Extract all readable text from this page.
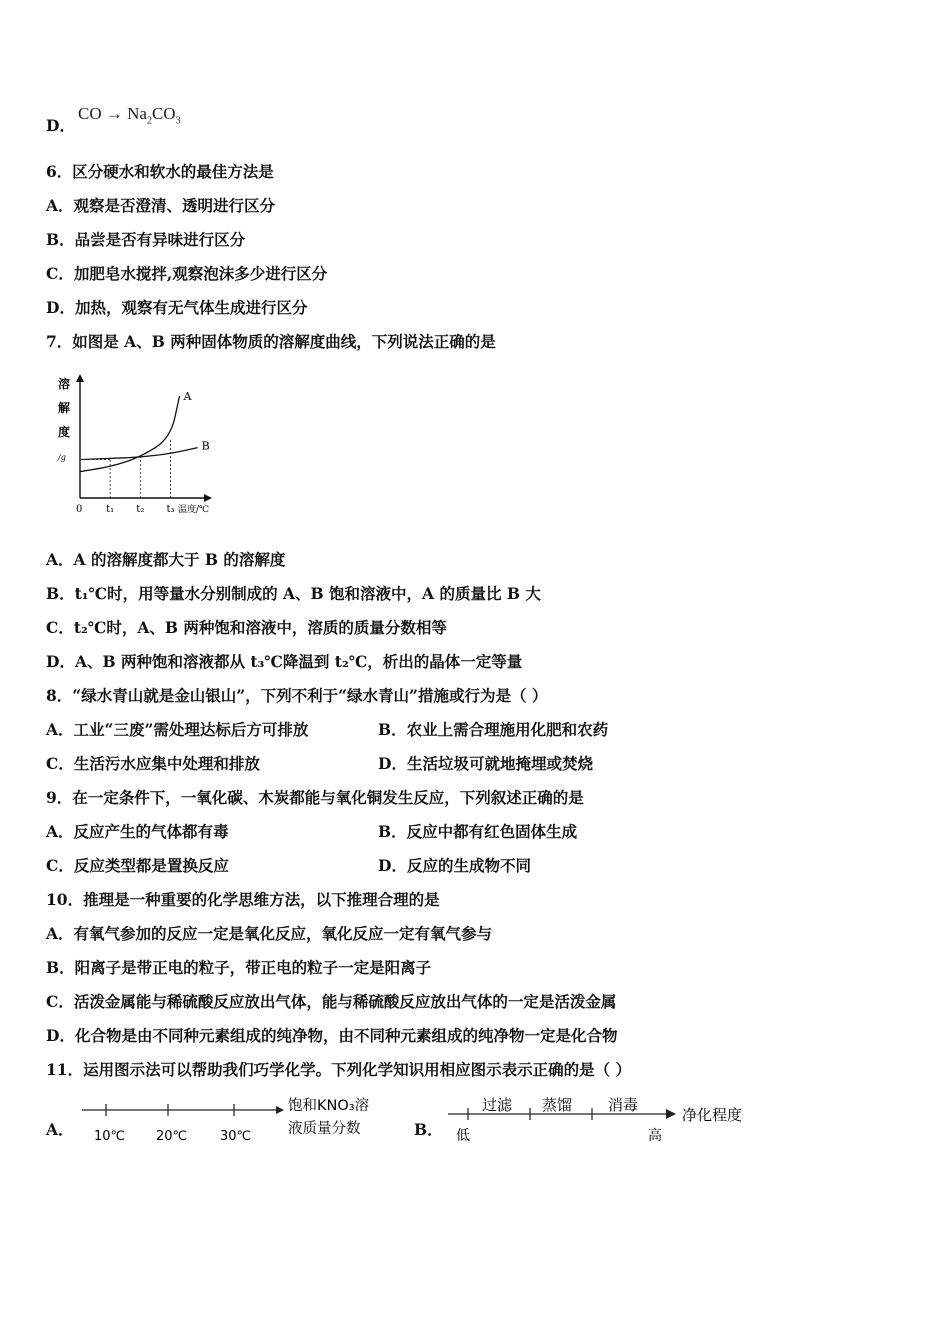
D．
CO → $Na_2CO_3$
6．区分硬水和软水的最佳方法是
A．观察是否澄清、透明进行区分
B．品尝是否有异味进行区分
C．加肥皂水搅拌,观察泡沫多少进行区分
D．加热，观察有无气体生成进行区分
7．如图是 A、B 两种固体物质的溶解度曲线，下列说法正确的是
溶
解
度
/g
A
B
0 t₁ t₂ t₃ 温度/℃
A．A 的溶解度都大于 B 的溶解度
B．t₁℃时，用等量水分别制成的 A、B 饱和溶液中，A 的质量比 B 大
C．t₂℃时，A、B 两种饱和溶液中，溶质的质量分数相等
D．A、B 两种饱和溶液都从 t₃℃降温到 t₂℃，析出的晶体一定等量
8．“绿水青山就是金山银山”，下列不利于“绿水青山”措施或行为是（ ）
A．工业“三废”需处理达标后方可排放	B．农业上需合理施用化肥和农药
C．生活污水应集中处理和排放	D．生活垃圾可就地掩埋或焚烧
9．在一定条件下，一氧化碳、木炭都能与氧化铜发生反应，下列叙述正确的是
A．反应产生的气体都有毒	B．反应中都有红色固体生成
C．反应类型都是置换反应	D．反应的生成物不同
10．推理是一种重要的化学思维方法，以下推理合理的是
A．有氧气参加的反应一定是氧化反应，氧化反应一定有氧气参与
B．阳离子是带正电的粒子，带正电的粒子一定是阳离子
C．活泼金属能与稀硫酸反应放出气体，能与稀硫酸反应放出气体的一定是活泼金属
D．化合物是由不同种元素组成的纯净物，由不同种元素组成的纯净物一定是化合物
11．运用图示法可以帮助我们巧学化学。下列化学知识用相应图示表示正确的是（ ）
A． 10℃ 20℃	30℃
饱和KNO₃溶
液质量分数	B．
过滤 蒸馏 消毒
低	高
净化程度
